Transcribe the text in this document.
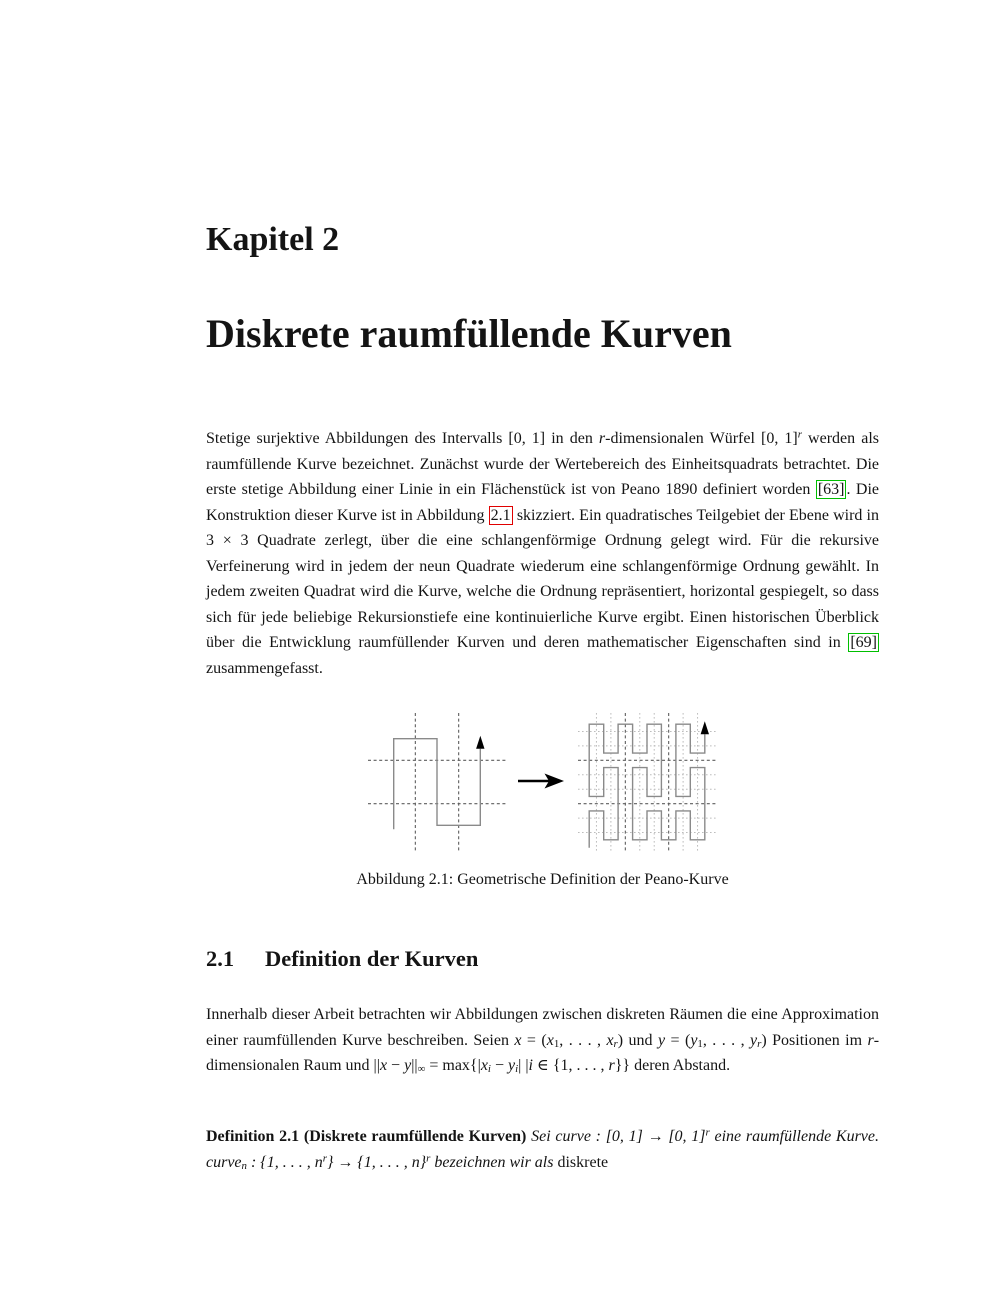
Kapitel 2
Diskrete raumfüllende Kurven

Stetige surjektive Abbildungen des Intervalls [0, 1] in den r-dimensionalen Würfel [0, 1]$^r$ werden als raumfüllende Kurve bezeichnet. Zunächst wurde der Wertebereich des Einheitsquadrats betrachtet. Die erste stetige Abbildung einer Linie in ein Flächenstück ist von Peano 1890 definiert worden [63] . Die Konstruktion dieser Kurve ist in Abbildung 2.1 skizziert. Ein quadratisches Teilgebiet der Ebene wird in 3 × 3 Quadrate zerlegt, über die eine schlangenförmige Ordnung gelegt wird. Für die rekursive Verfeinerung wird in jedem der neun Quadrate wiederum eine schlangenförmige Ordnung gewählt. In jedem zweiten Quadrat wird die Kurve, welche die Ordnung repräsentiert, horizontal gespiegelt, so dass sich für jede beliebige Rekursionstiefe eine kontinuierliche Kurve ergibt. Einen historischen Überblick über die Entwicklung raumfüllender Kurven und deren mathematischer Eigenschaften sind in [69] zusammengefasst.

Abbildung 2.1: Geometrische Definition der Peano-Kurve
2.1 Definition der Kurven

Innerhalb dieser Arbeit betrachten wir Abbildungen zwischen diskreten Räumen die eine Approximation einer raumfüllenden Kurve beschreiben. Seien x = (x1, . . . , xr) und y = (y1, . . . , yr) Positionen im r-dimensionalen Raum und ||x − y||∞ = max{|xi − yi| |i ∈ {1, . . . , r}} deren Abstand.

Definition 2.1 (Diskrete raumfüllende Kurven) Sei curve : [0, 1] → [0, 1]$^r$ eine raumfüllende Kurve. curven : {1, . . . , $n^r\} \to \{1$, . . . , n}$^r$ bezeichnen wir als diskrete
